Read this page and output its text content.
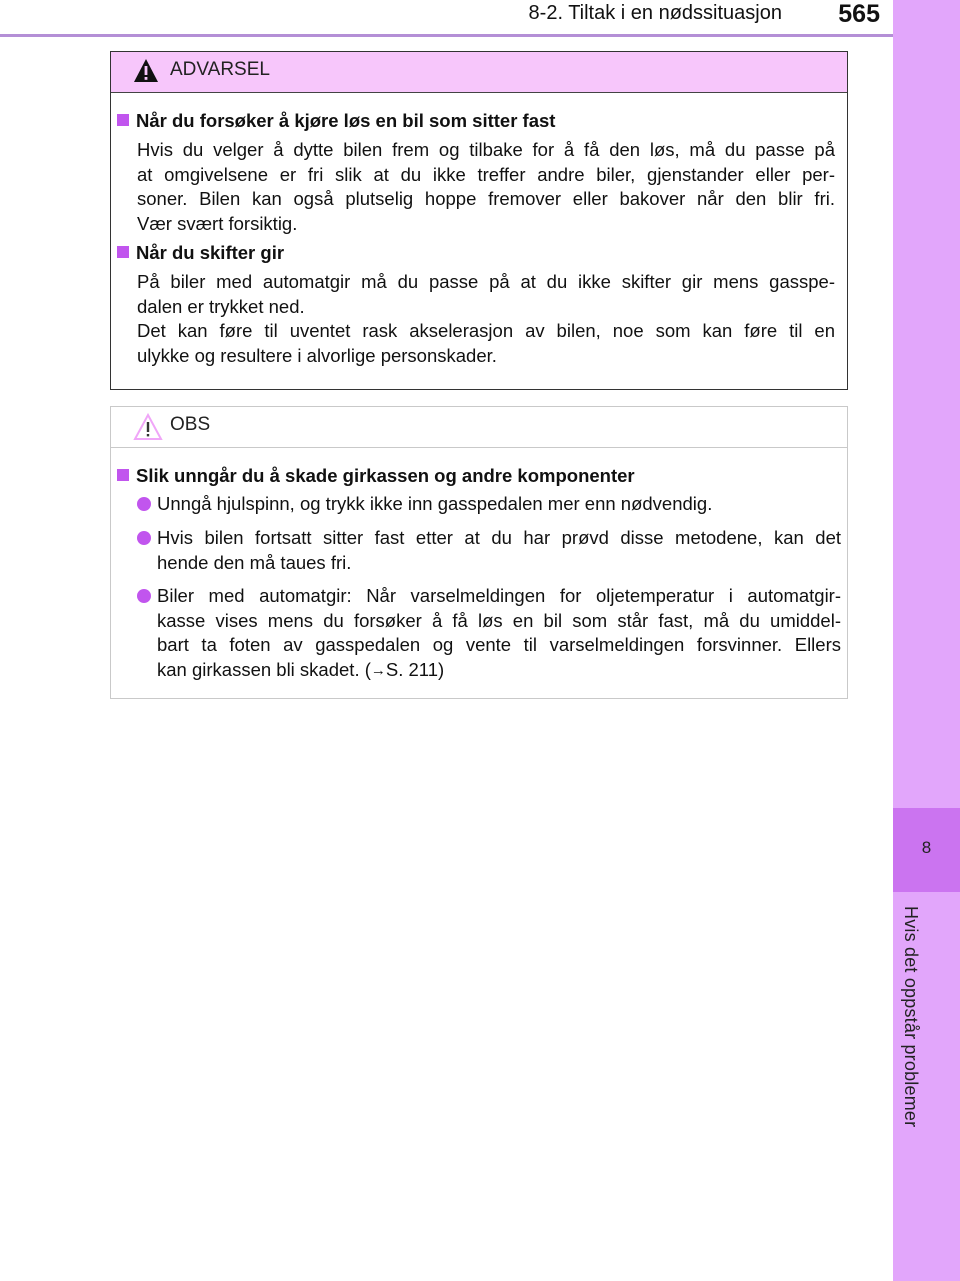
8-2. Tiltak i en nødssituasjon	565
8
Hvis det oppstår problemer
ADVARSEL
Når du forsøker å kjøre løs en bil som sitter fast
Hvis du velger å dytte bilen frem og tilbake for å få den løs, må du passe på
at omgivelsene er fri slik at du ikke treffer andre biler, gjenstander eller per-
soner. Bilen kan også plutselig hoppe fremover eller bakover når den blir fri.
Vær svært forsiktig.
Når du skifter gir
På biler med automatgir må du passe på at du ikke skifter gir mens gasspe-
dalen er trykket ned.
Det kan føre til uventet rask akselerasjon av bilen, noe som kan føre til en
ulykke og resultere i alvorlige personskader.
OBS
Slik unngår du å skade girkassen og andre komponenter
Unngå hjulspinn, og trykk ikke inn gasspedalen mer enn nødvendig.
Hvis bilen fortsatt sitter fast etter at du har prøvd disse metodene, kan det
hende den må taues fri.
Biler med automatgir: Når varselmeldingen for oljetemperatur i automatgir-
kasse vises mens du forsøker å få løs en bil som står fast, må du umiddel-
bart ta foten av gasspedalen og vente til varselmeldingen forsvinner. Ellers
kan girkassen bli skadet. (→S. 211)
